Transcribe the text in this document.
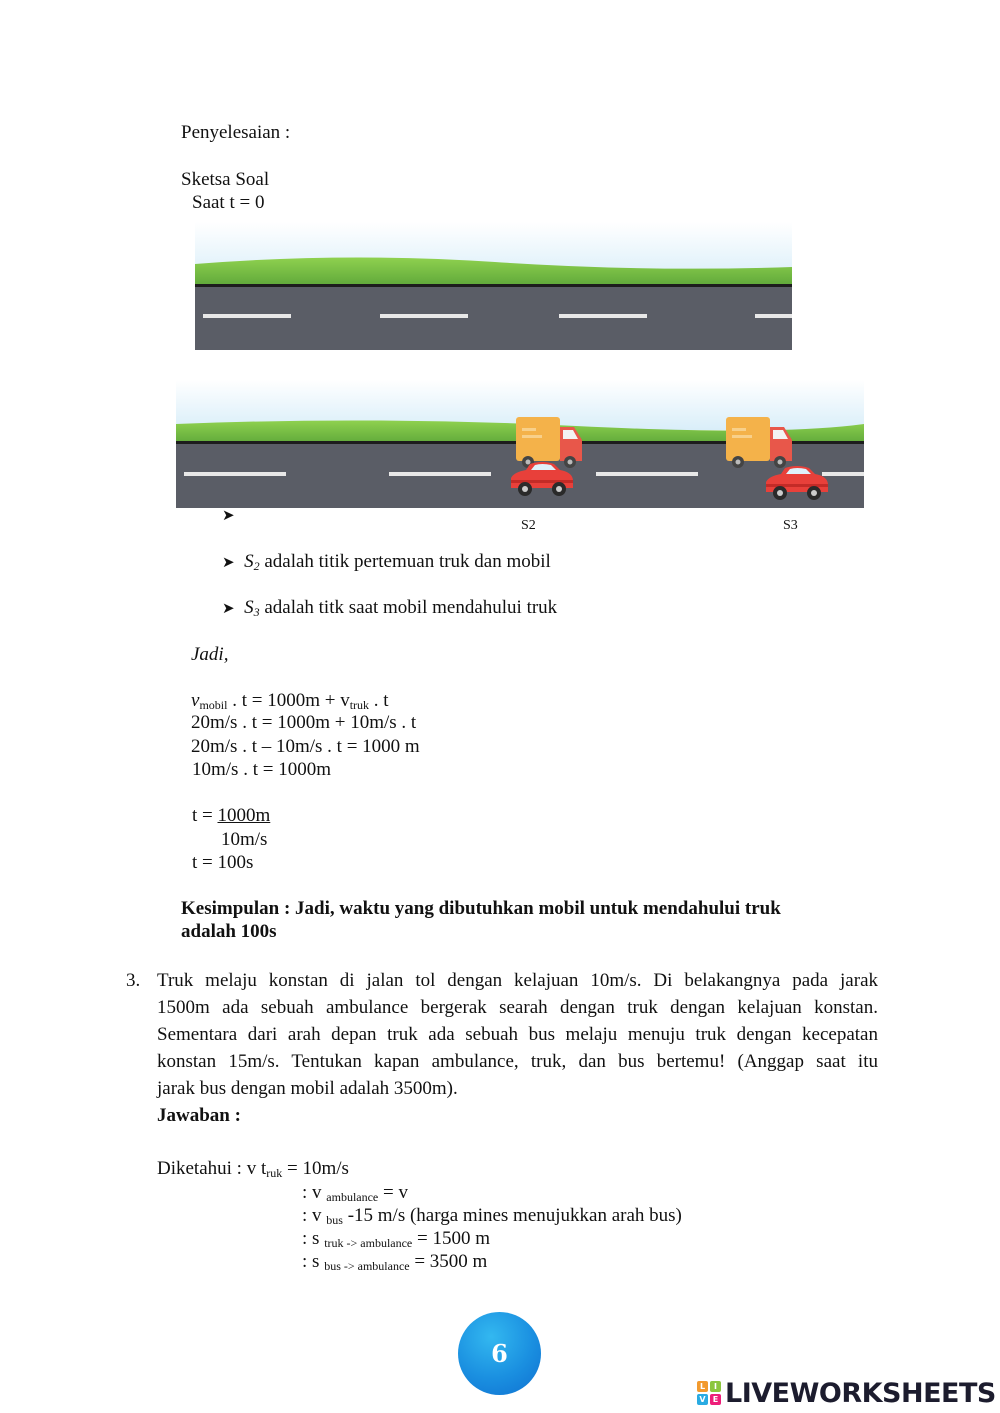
Penyelesaian :
Sketsa Soal
Saat t = 0
➤
S2	S3
➤ $S_2$ adalah titik pertemuan truk dan mobil
➤ $S_3$ adalah titk saat mobil mendahului truk
Jadi,
$v_{mobil}$ . $t = 1000m + v_{truk}$ . t
20m/s . t = 1000m + 10m/s . t
20m/s . t – 10m/s . t = 1000 m
10m/s . t = 1000m
t = 1000m
10m/s
t = 100s
Kesimpulan : Jadi, waktu yang dibutuhkan mobil untuk mendahului truk
adalah 100s
3. Truk melaju konstan di jalan tol dengan kelajuan 10m/s. Di belakangnya pada jarak
1500m ada sebuah ambulance bergerak searah dengan truk dengan kelajuan konstan.
Sementara dari arah depan truk ada sebuah bus melaju menuju truk dengan kecepatan
konstan 15m/s. Tentukan kapan ambulance, truk, dan bus bertemu! (Anggap saat itu
jarak bus dengan mobil adalah 3500m).
Jawaban :
Diketahui : v $t_{ruk} = 10m/s$
: v $_{ambulance}$ = v
: v $_{bus}$ -15 m/s (harga mines menujukkan arah bus)
: s $_{truk -> ambulance}$ = 1500 m
: s $_{bus -> ambulance}$ = 3500 m
6
L	I
V E LIVEWORKSHEETS
